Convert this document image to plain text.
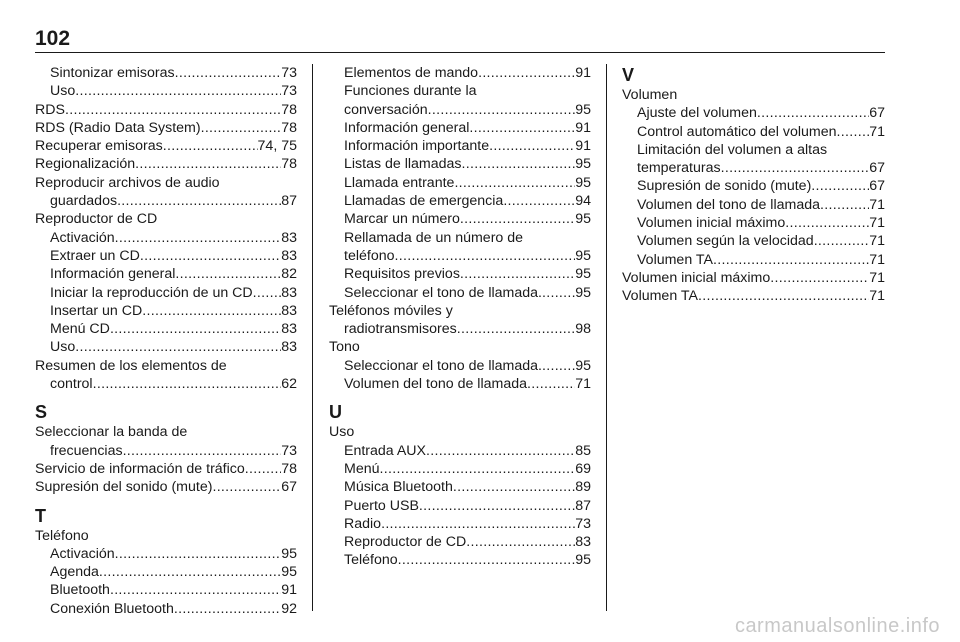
102
Sintonizar emisoras .....	73
Uso .....	73
RDS .....	78
RDS (Radio Data System) .....	78
Recuperar emisoras .....	74, 75
Regionalización .....	78
Reproducir archivos de audio
guardados .....	87
Reproductor de CD
Activación .....	83
Extraer un CD .....	83
Información general .....	82
Iniciar la reproducción de un CD ..... 83
Insertar un CD .....	83
Menú CD .....	83
Uso .....	83
Resumen de los elementos de
control .....	62
S
Seleccionar la banda de
frecuencias .....	73
Servicio de información de tráfico .....	78
Supresión del sonido (mute) .....	67
T
Teléfono
Activación .....	95
Agenda .....	95
Bluetooth .....	91
Conexión Bluetooth .....	92
Elementos de mando .....	91
Funciones durante la
conversación .....	95
Información general .....	91
Información importante .....	91
Listas de llamadas .....	95
Llamada entrante .....	95
Llamadas de emergencia .....	94
Marcar un número .....	95
Rellamada de un número de
teléfono .....	95
Requisitos previos .....	95
Seleccionar el tono de llamada. ..... 95
Teléfonos móviles y
radiotransmisores .....	98
Tono
Seleccionar el tono de llamada. ..... 95
Volumen del tono de llamada .....	71
U
Uso
Entrada AUX .....	85
Menú .....	69
Música Bluetooth .....	89
Puerto USB .....	87
Radio .....	73
Reproductor de CD .....	83
Teléfono .....	95
V
Volumen
Ajuste del volumen .....	67
Control automático del volumen ..... 71
Limitación del volumen a altas
temperaturas .....	67
Supresión de sonido (mute) .....	67
Volumen del tono de llamada .....	71
Volumen inicial máximo .....	71
Volumen según la velocidad .....	71
Volumen TA .....	71
Volumen inicial máximo .....	71
Volumen TA .....	71
carmanualsonline.info
